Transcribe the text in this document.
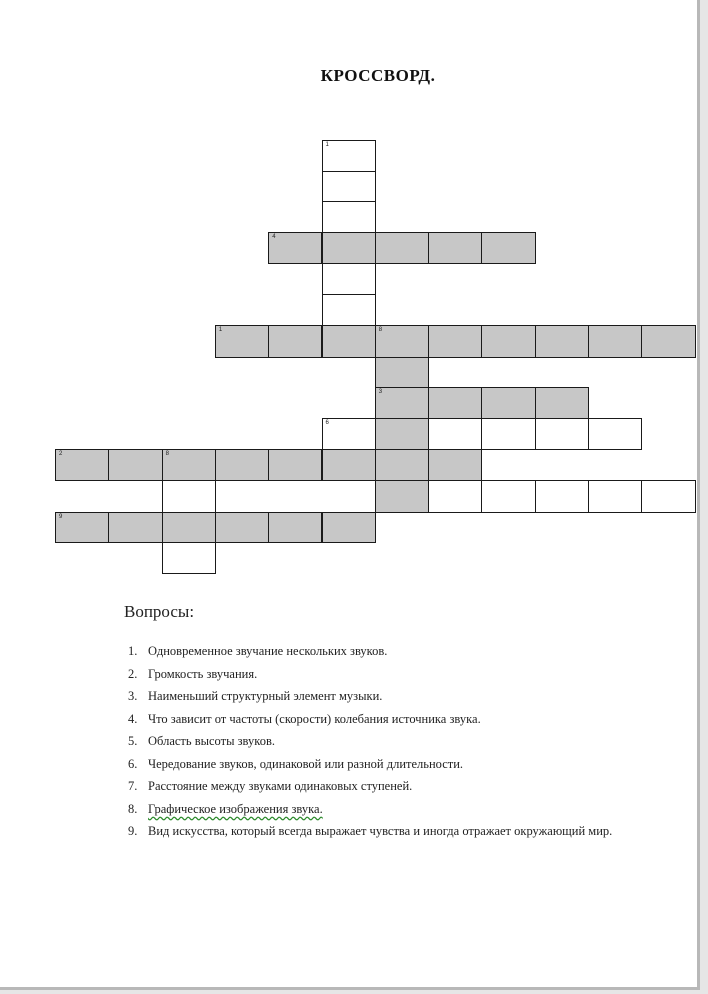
КРОССВОРД.
1
4
1	8
3
6
2	8
9
Вопросы:
1. Одновременное звучание нескольких звуков.
2. Громкость звучания.
3. Наименьший структурный элемент музыки.
4. Что зависит от частоты (скорости) колебания источника звука.
5. Область высоты звуков.
6. Чередование звуков, одинаковой или разной длительности.
7. Расстояние между звуками одинаковых ступеней.
8. Графическое изображения звука.
9. Вид искусства, который всегда выражает чувства и иногда отражает окружающий мир.
